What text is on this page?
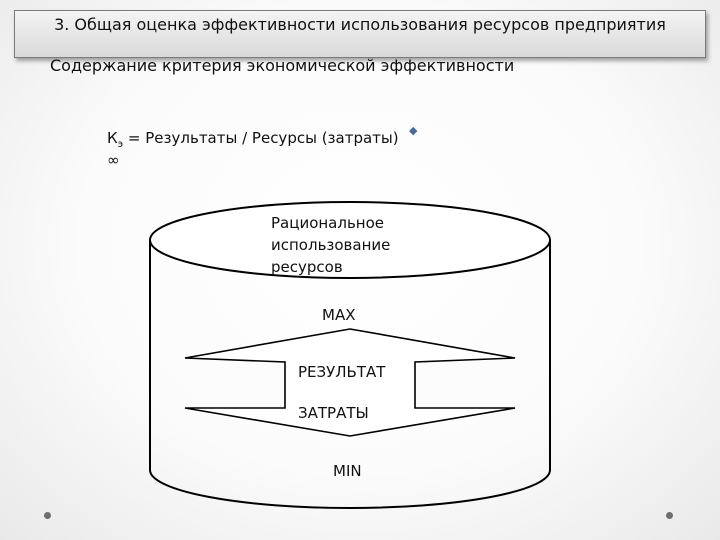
3. Общая оценка эффективности использования ресурсов предприятия
Содержание критерия экономической эффективности
$К_э$ = Результаты / Ресурсы (затраты)
∞
◆
Рациональное
использование
ресурсов
MAX
РЕЗУЛЬТАТ
ЗАТРАТЫ
MIN
